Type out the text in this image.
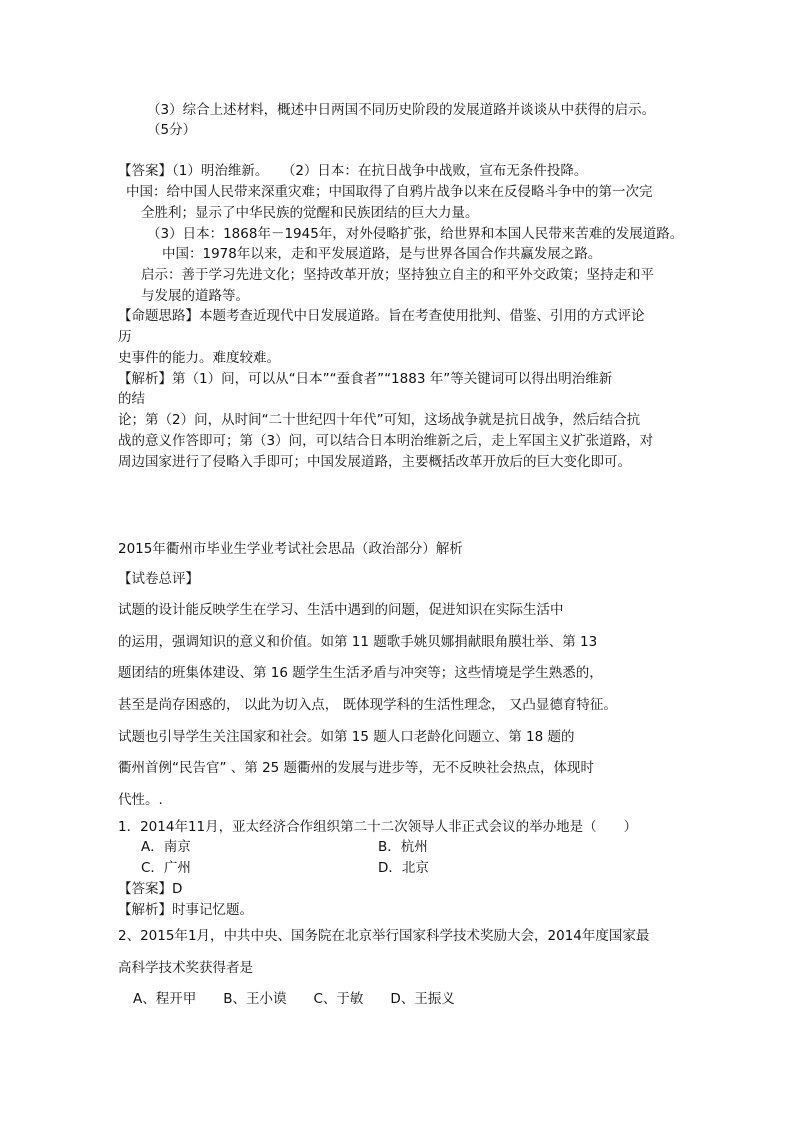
（3）综合上述材料，概述中日两国不同历史阶段的发展道路并谈谈从中获得的启示。
（5分）
【答案】（1）明治维新。　　（2）日本：在抗日战争中战败，宣布无条件投降。
中国：给中国人民带来深重灾难；中国取得了自鸦片战争以来在反侵略斗争中的第一次完
全胜利；显示了中华民族的觉醒和民族团结的巨大力量。
（3）日本：1868年－1945年，对外侵略扩张，给世界和本国人民带来苦难的发展道路。
中国：1978年以来，走和平发展道路，是与世界各国合作共赢发展之路。
启示：善于学习先进文化；坚持改革开放；坚持独立自主的和平外交政策；坚持走和平
与发展的道路等。
【命题思路】本题考查近现代中日发展道路。旨在考查使用批判、借鉴、引用的方式评论
历
史事件的能力。难度较难。
【解析】第（1）问，可以从“日本”“蚕食者”“1883 年”等关键词可以得出明治维新
的结
论；第（2）问，从时间“二十世纪四十年代”可知，这场战争就是抗日战争，然后结合抗
战的意义作答即可；第（3）问，可以结合日本明治维新之后，走上军国主义扩张道路，对
周边国家进行了侵略入手即可；中国发展道路，主要概括改革开放后的巨大变化即可。
2015年衢州市毕业生学业考试社会思品（政治部分）解析
【试卷总评】
试题的设计能反映学生在学习、生活中遇到的问题，促进知识在实际生活中
的运用，强调知识的意义和价值。如第 11 题歌手姚贝娜捐献眼角膜壮举、第 13
题团结的班集体建设、第 16 题学生生活矛盾与冲突等；这些情境是学生熟悉的，
甚至是尚存困惑的， 以此为切入点， 既体现学科的生活性理念， 又凸显德育特征。
试题也引导学生关注国家和社会。如第 15 题人口老龄化问题立、第 18 题的
衢州首例“民告官” 、第 25 题衢州的发展与进步等，无不反映社会热点，体现时
代性。.
1．2014年11月，亚太经济合作组织第二十二次领导人非正式会议的举办地是（　　）
A．南京	B．杭州
C．广州	D．北京
【答案】D
【解析】时事记忆题。
2、2015年1月，中共中央、国务院在北京举行国家科学技术奖励大会，2014年度国家最
高科学技术奖获得者是
A、程开甲　　B、王小谟　　C、于敏　　D、王振义
